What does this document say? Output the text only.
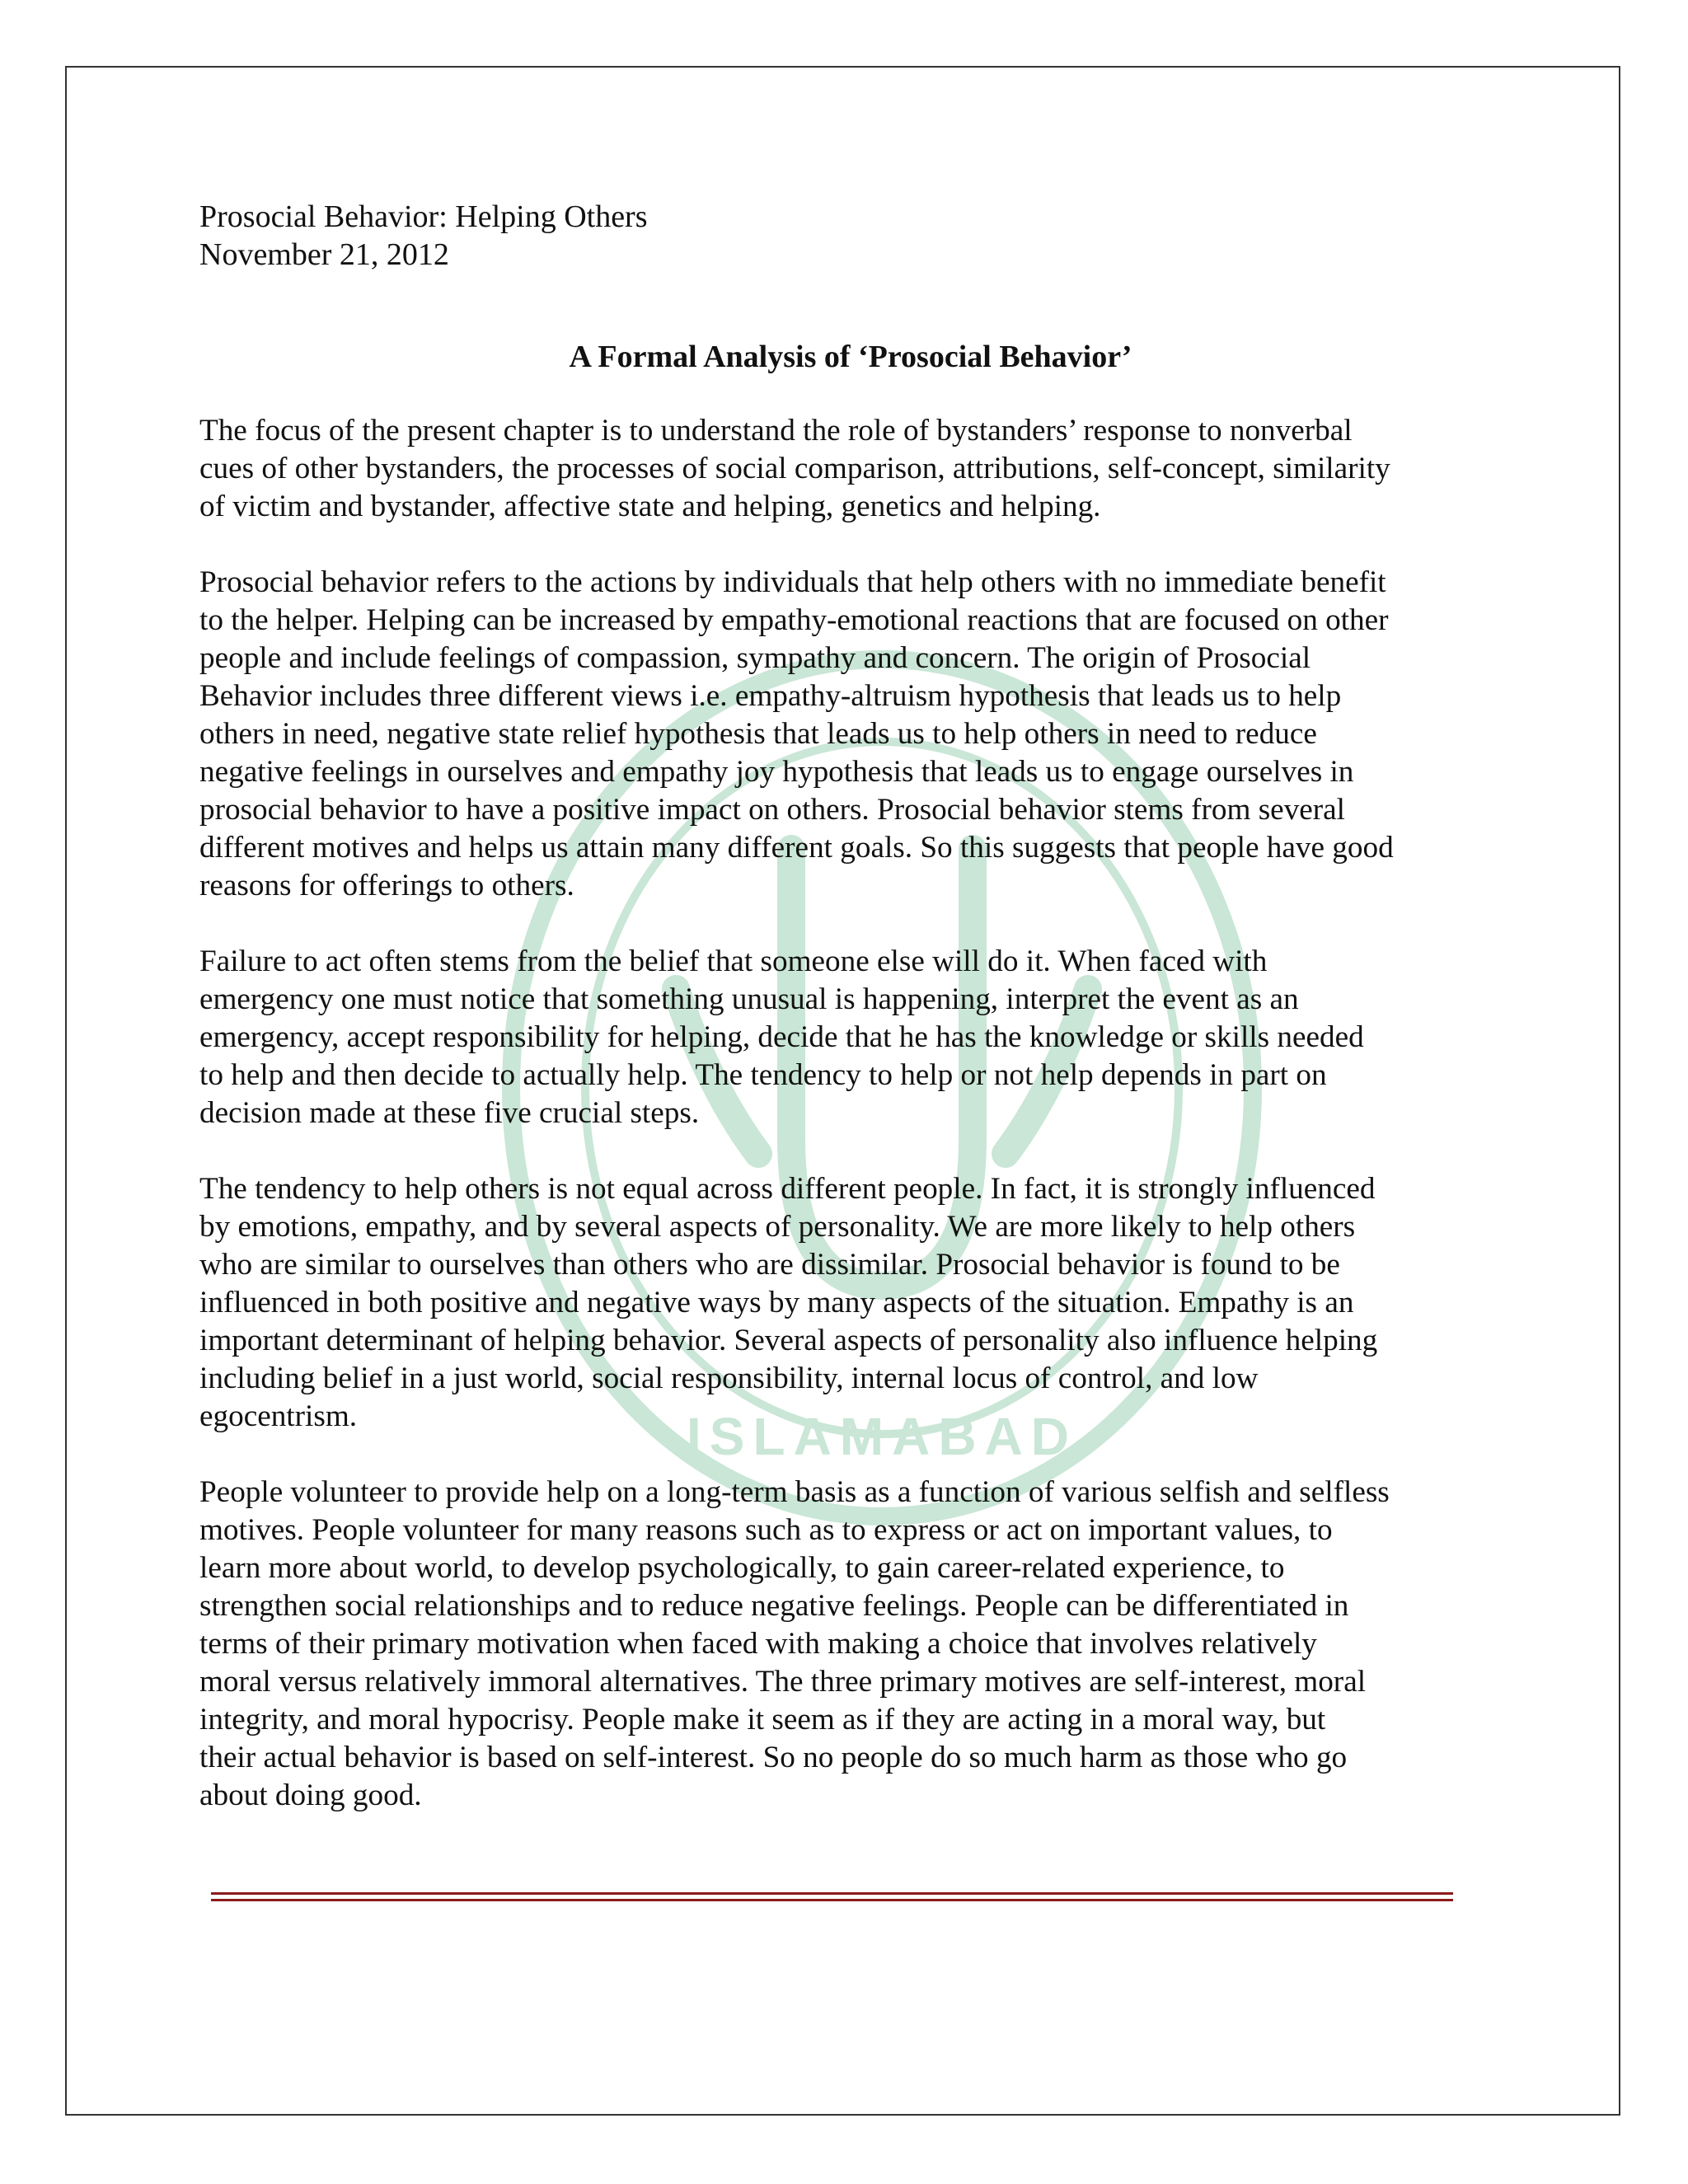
ISLAMABAD

Prosocial Behavior: Helping Others

November 21, 2012

A Formal Analysis of ‘Prosocial Behavior’
The focus of the present chapter is to understand the role of bystanders’ response to nonverbal
cues of other bystanders, the processes of social comparison, attributions, self-concept, similarity
of victim and bystander, affective state and helping, genetics and helping.
Prosocial behavior refers to the actions by individuals that help others with no immediate benefit
to the helper. Helping can be increased by empathy-emotional reactions that are focused on other
people and include feelings of compassion, sympathy and concern. The origin of Prosocial
Behavior includes three different views i.e. empathy-altruism hypothesis that leads us to help
others in need, negative state relief hypothesis that leads us to help others in need to reduce
negative feelings in ourselves and empathy joy hypothesis that leads us to engage ourselves in
prosocial behavior to have a positive impact on others. Prosocial behavior stems from several
different motives and helps us attain many different goals. So this suggests that people have good
reasons for offerings to others.
Failure to act often stems from the belief that someone else will do it. When faced with
emergency one must notice that something unusual is happening, interpret the event as an
emergency, accept responsibility for helping, decide that he has the knowledge or skills needed
to help and then decide to actually help. The tendency to help or not help depends in part on
decision made at these five crucial steps.
The tendency to help others is not equal across different people. In fact, it is strongly influenced
by emotions, empathy, and by several aspects of personality. We are more likely to help others
who are similar to ourselves than others who are dissimilar. Prosocial behavior is found to be
influenced in both positive and negative ways by many aspects of the situation. Empathy is an
important determinant of helping behavior. Several aspects of personality also influence helping
including belief in a just world, social responsibility, internal locus of control, and low
egocentrism.
People volunteer to provide help on a long-term basis as a function of various selfish and selfless
motives. People volunteer for many reasons such as to express or act on important values, to
learn more about world, to develop psychologically, to gain career-related experience, to
strengthen social relationships and to reduce negative feelings. People can be differentiated in
terms of their primary motivation when faced with making a choice that involves relatively
moral versus relatively immoral alternatives. The three primary motives are self-interest, moral
integrity, and moral hypocrisy. People make it seem as if they are acting in a moral way, but
their actual behavior is based on self-interest. So no people do so much harm as those who go
about doing good.
